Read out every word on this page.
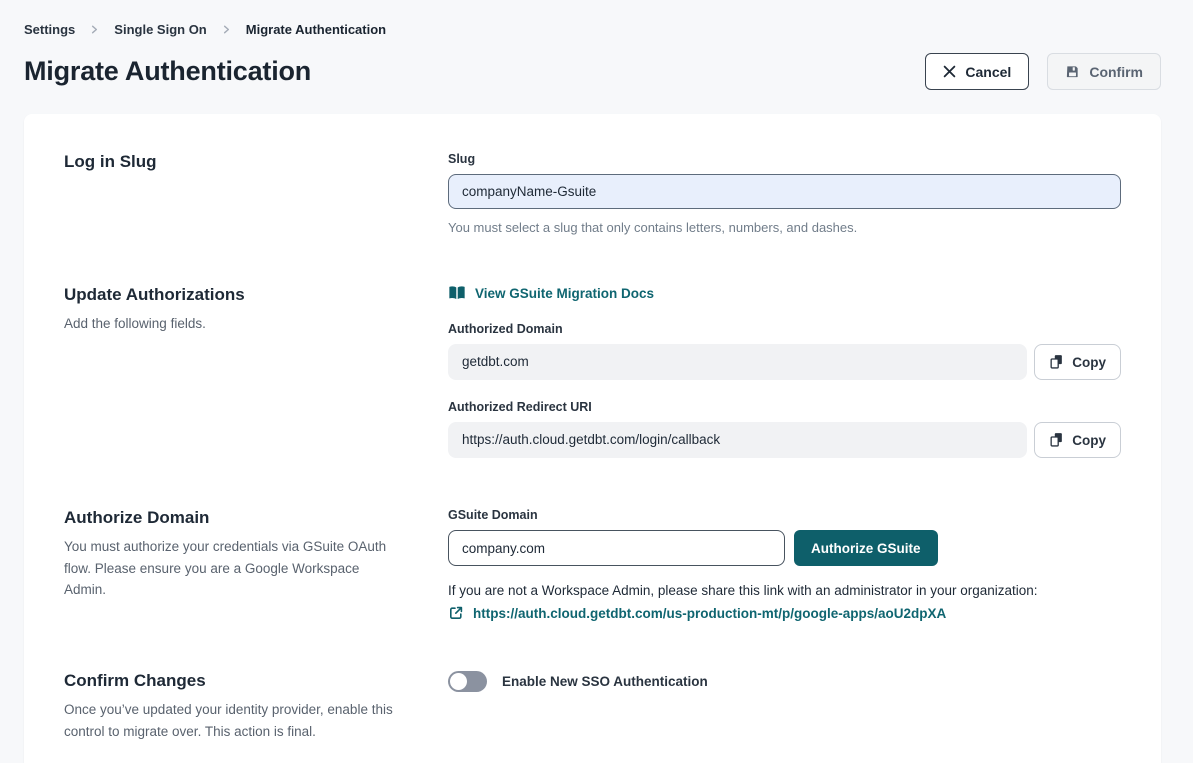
Settings	Single Sign On	Migrate Authentication
Migrate Authentication	Cancel	Confirm
Log in Slug	Slug
companyName-Gsuite
You must select a slug that only contains letters, numbers, and dashes.
Update Authorizations

Add the following fields.

View GSuite Migration Docs
Authorized Domain
getdbt.com	Copy
Authorized Redirect URI
https://auth.cloud.getdbt.com/login/callback	Copy
Authorize Domain

You must authorize your credentials via GSuite OAuth flow. Please ensure you are a Google Workspace Admin.

GSuite Domain
company.com
Authorize GSuite

If you are not a Workspace Admin, please share this link with an administrator in your organization:

https://auth.cloud.getdbt.com/us-production-mt/p/google-apps/aoU2dpXA
Confirm Changes

Once you’ve updated your identity provider, enable this control to migrate over. This action is final.

Enable New SSO Authentication
